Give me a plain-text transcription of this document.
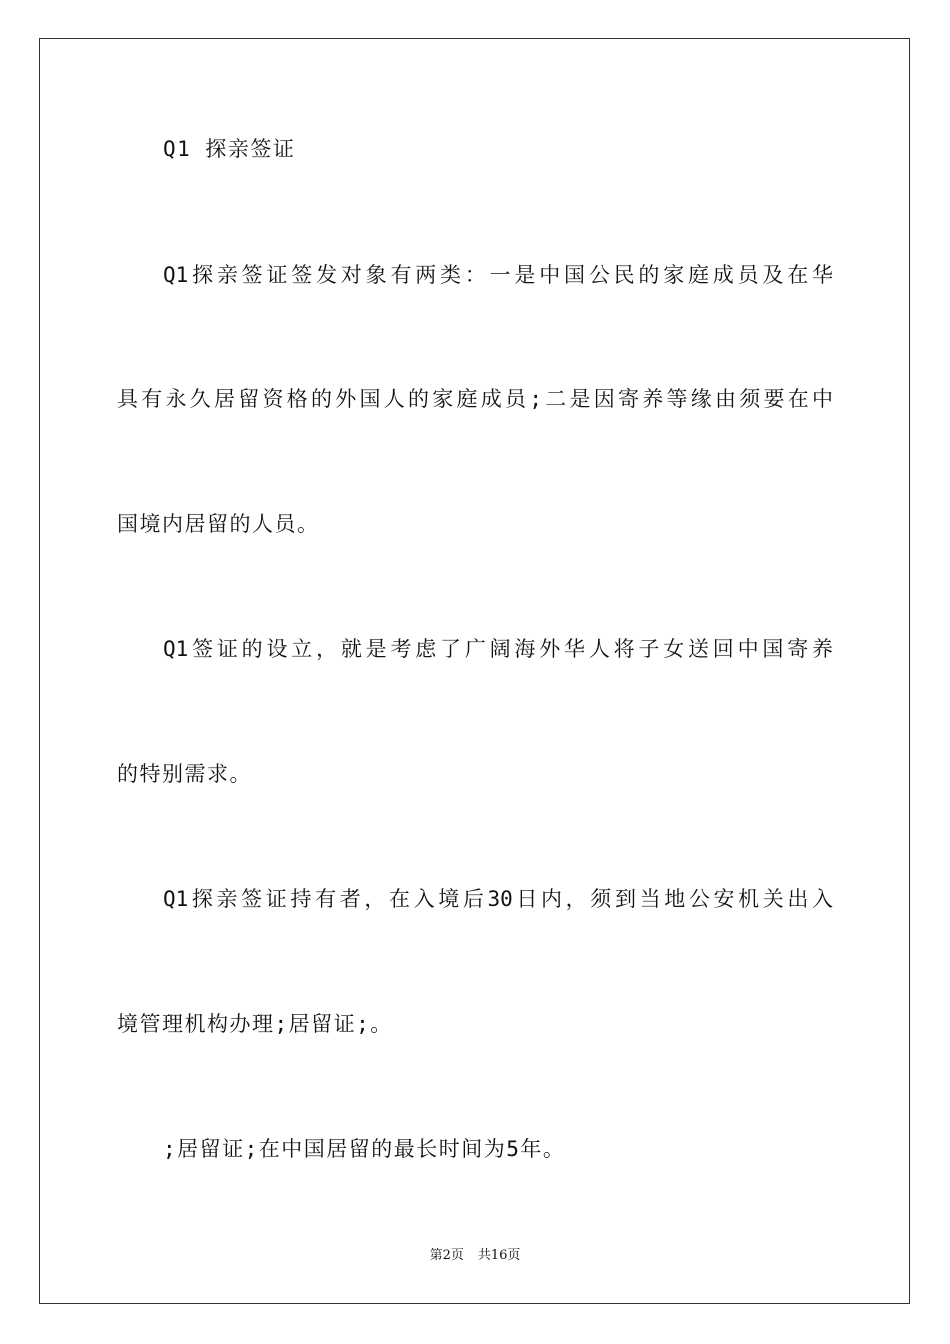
Q1 探亲签证
Q1探亲签证签发对象有两类：一是中国公民的家庭成员及在华
具有永久居留资格的外国人的家庭成员;二是因寄养等缘由须要在中
国境内居留的人员。
Q1签证的设立，就是考虑了广阔海外华人将子女送回中国寄养
的特别需求。
Q1探亲签证持有者，在入境后30日内，须到当地公安机关出入
境管理机构办理;居留证;。
;居留证;在中国居留的最长时间为5年。
第2页 共16页
